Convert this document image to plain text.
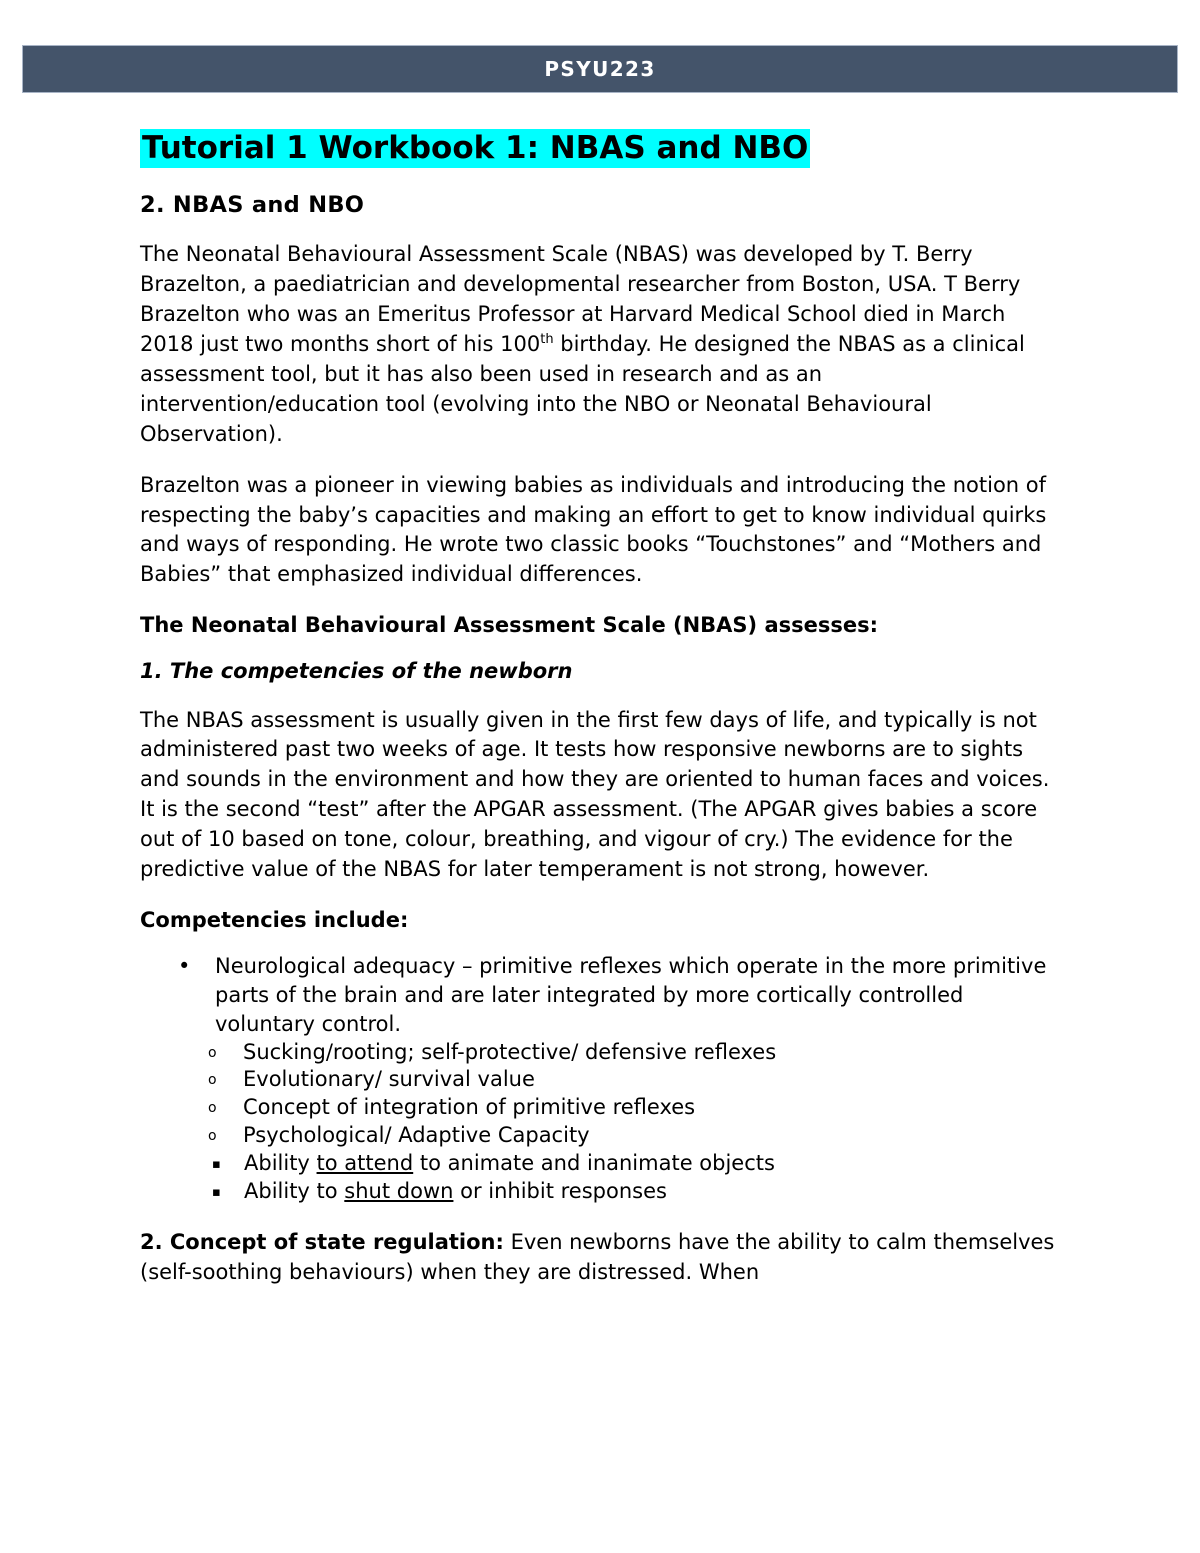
PSYU223
Tutorial 1 Workbook 1: NBAS and NBO
2. NBAS and NBO

The Neonatal Behavioural Assessment Scale (NBAS) was developed by T. Berry Brazelton, a paediatrician and developmental researcher from Boston, USA. T Berry Brazelton who was an Emeritus Professor at Harvard Medical School died in March 2018 just two months short of his 100th birthday. He designed the NBAS as a clinical assessment tool, but it has also been used in research and as an intervention/education tool (evolving into the NBO or Neonatal Behavioural Observation).

Brazelton was a pioneer in viewing babies as individuals and introducing the notion of respecting the baby’s capacities and making an effort to get to know individual quirks and ways of responding. He wrote two classic books “Touchstones” and “Mothers and Babies” that emphasized individual differences.

The Neonatal Behavioural Assessment Scale (NBAS) assesses:
1. The competencies of the newborn

The NBAS assessment is usually given in the first few days of life, and typically is not administered past two weeks of age. It tests how responsive newborns are to sights and sounds in the environment and how they are oriented to human faces and voices. It is the second “test” after the APGAR assessment. (The APGAR gives babies a score out of 10 based on tone, colour, breathing, and vigour of cry.) The evidence for the predictive value of the NBAS for later temperament is not strong, however.

Competencies include:
• Neurological adequacy – primitive reflexes which operate in the more primitive parts of the brain and are later integrated by more cortically controlled voluntary control.
o Sucking/rooting; self-protective/ defensive reflexes
o Evolutionary/ survival value
o Concept of integration of primitive reflexes
o Psychological/ Adaptive Capacity
▪ Ability to attend to animate and inanimate objects
▪ Ability to shut down or inhibit responses

2. Concept of state regulation: Even newborns have the ability to calm themselves (self-soothing behaviours) when they are distressed. When
